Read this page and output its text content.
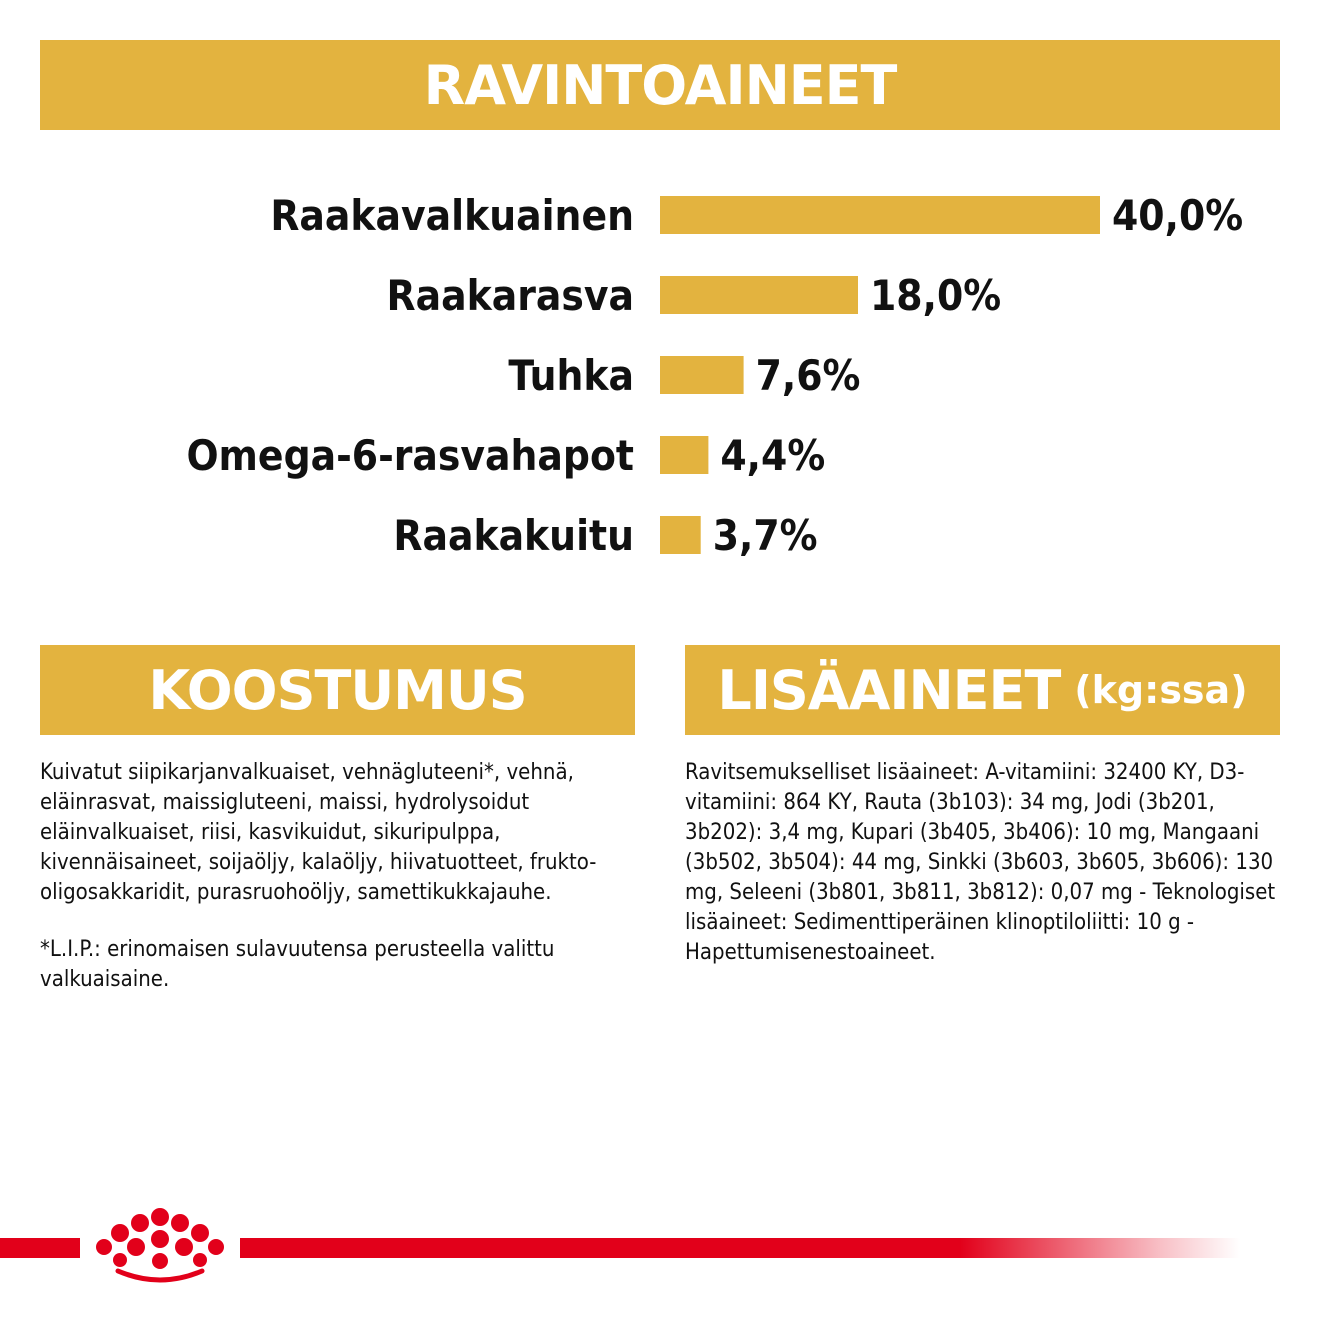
RAVINTOAINEET
Raakavalkuainen	40,0%
Raakarasva	18,0%
Tuhka	7,6%
Omega-6-rasvahapot 4,4%
Raakakuitu 3,7%
KOOSTUMUS	LISÄAINEET (kg:ssa)

Kuivatut siipikarjanvalkuaiset, vehnägluteeni*, vehnä, eläinrasvat, maissigluteeni, maissi, hydrolysoidut eläinvalkuaiset, riisi, kasvikuidut, sikuripulppa, kivennäisaineet, soijaöljy, kalaöljy, hiivatuotteet, frukto-oligosakkaridit, purasruohoöljy, samettikukkajauhe.

*L.I.P.: erinomaisen sulavuutensa perusteella valittu valkuaisaine.

Ravitsemukselliset lisäaineet: A-vitamiini: 32400 KY, D3-vitamiini: 864 KY, Rauta (3b103): 34 mg, Jodi (3b201, 3b202): 3,4 mg, Kupari (3b405, 3b406): 10 mg, Mangaani (3b502, 3b504): 44 mg, Sinkki (3b603, 3b605, 3b606): 130 mg, Seleeni (3b801, 3b811, 3b812): 0,07 mg - Teknologiset lisäaineet: Sedimenttiperäinen klinoptiloliitti: 10 g - Hapettumisenestoaineet.
